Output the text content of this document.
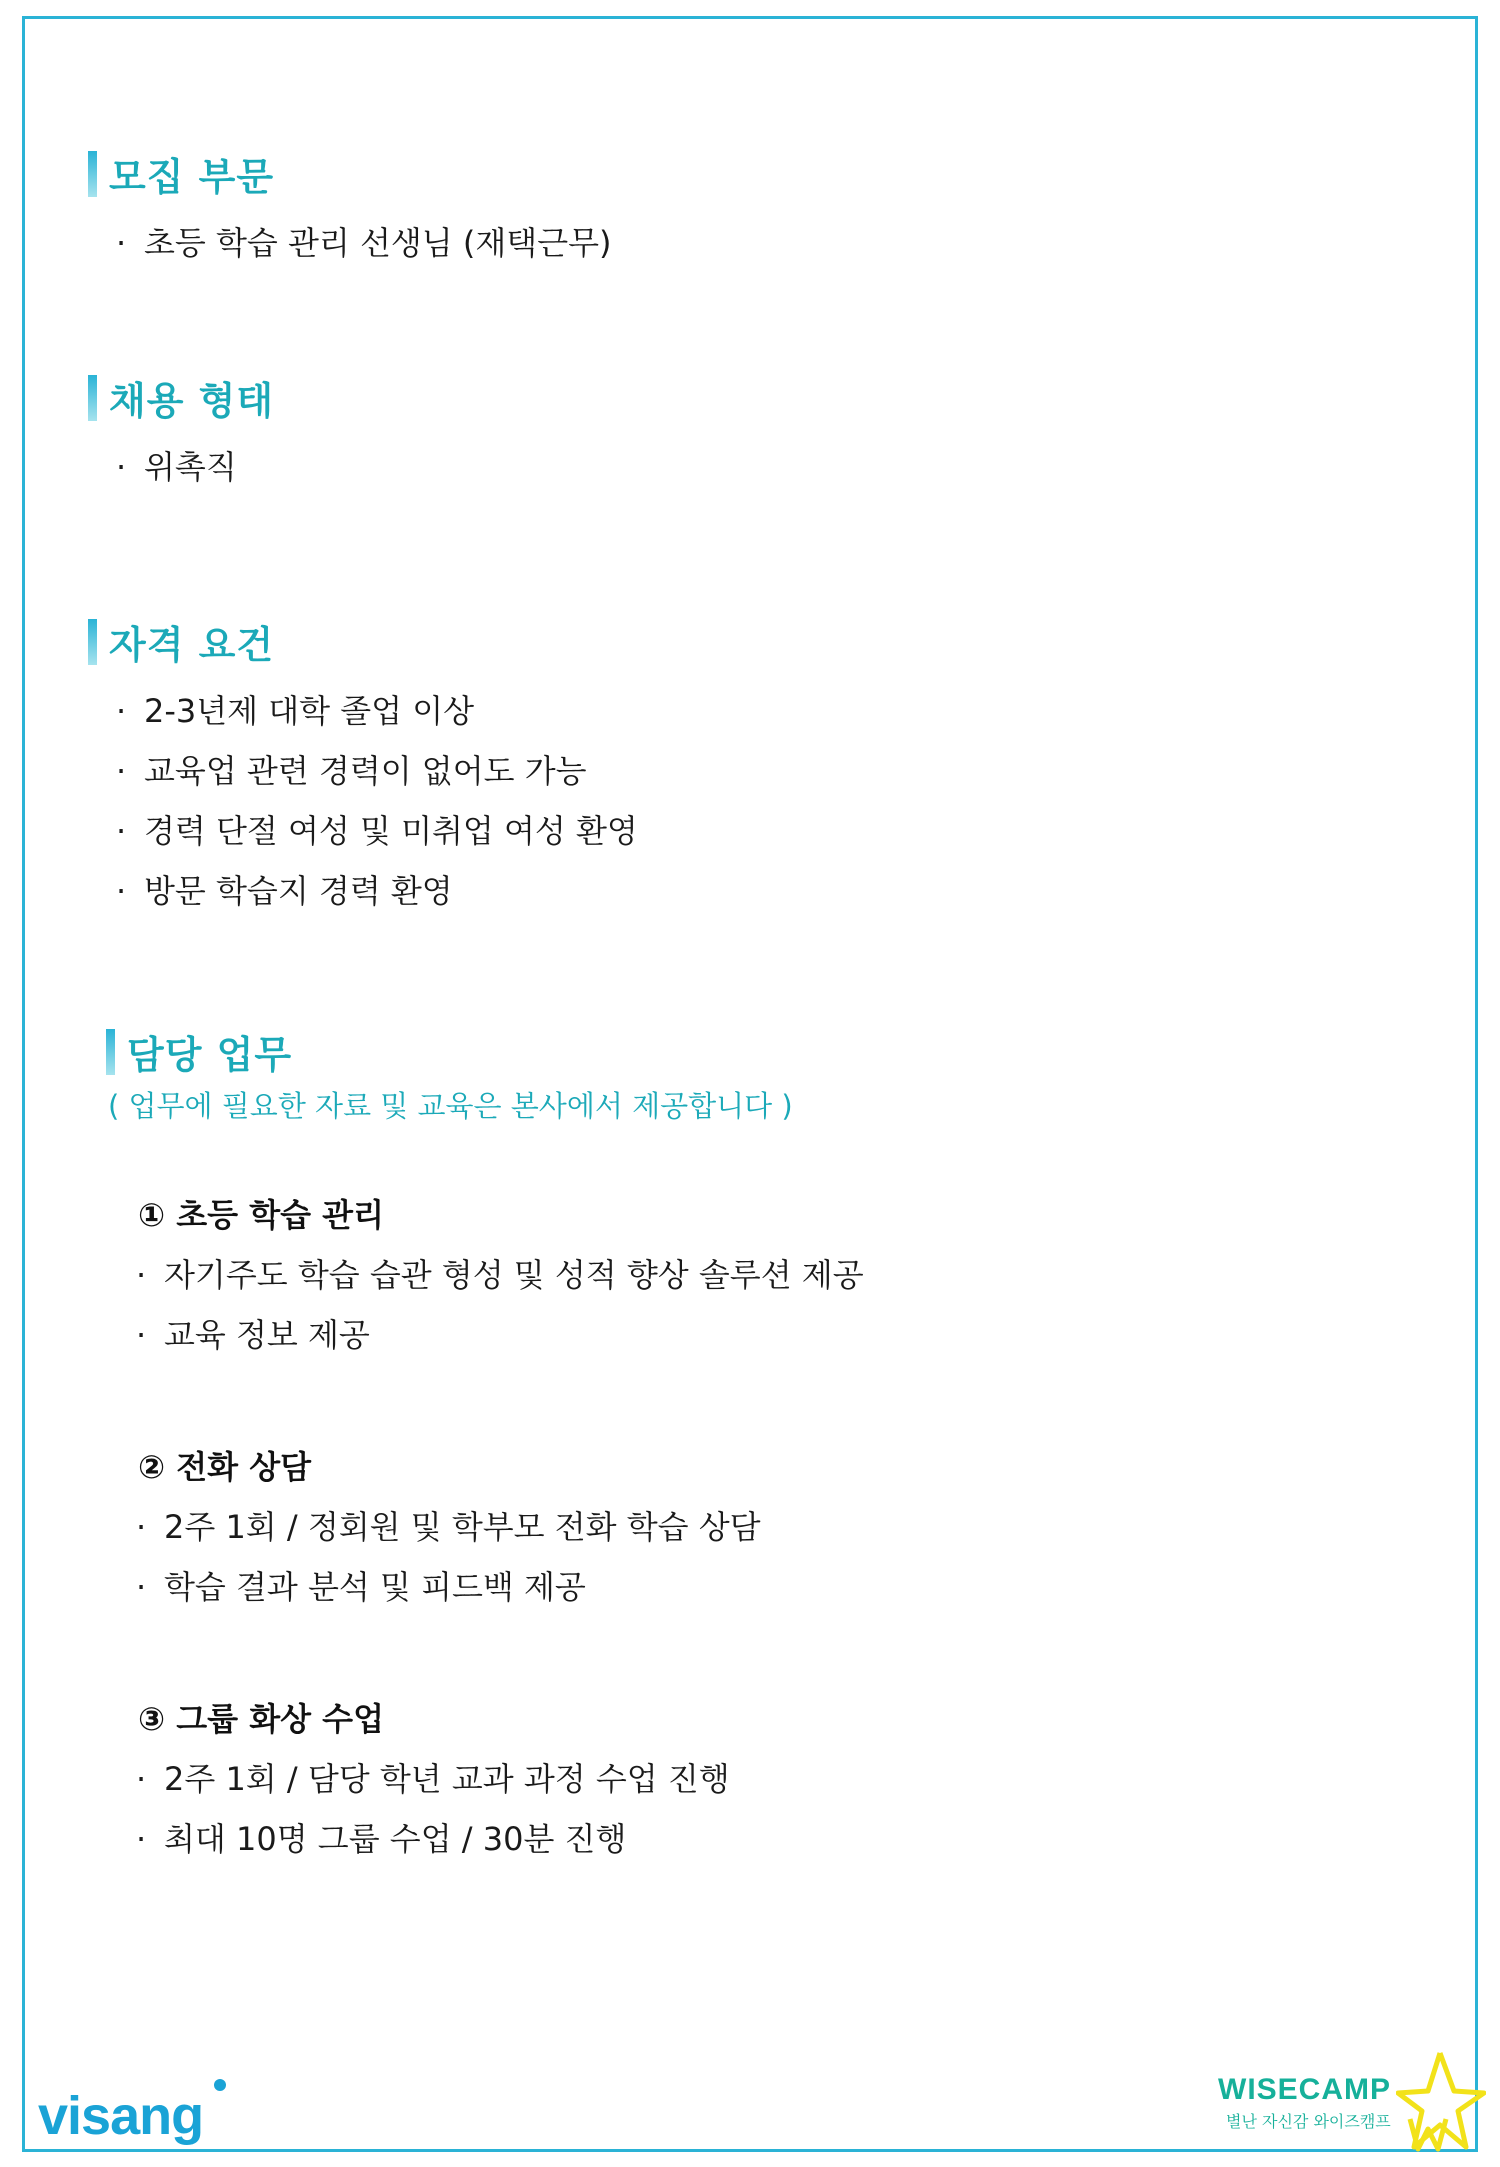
모집 부문
· 초등 학습 관리 선생님 (재택근무)
채용 형태
· 위촉직
자격 요건
· 2-3년제 대학 졸업 이상
· 교육업 관련 경력이 없어도 가능
· 경력 단절 여성 및 미취업 여성 환영
· 방문 학습지 경력 환영
담당 업무
( 업무에 필요한 자료 및 교육은 본사에서 제공합니다 )
① 초등 학습 관리
· 자기주도 학습 습관 형성 및 성적 향상 솔루션 제공
· 교육 정보 제공
② 전화 상담
· 2주 1회 / 정회원 및 학부모 전화 학습 상담
· 학습 결과 분석 및 피드백 제공
③ 그룹 화상 수업
· 2주 1회 / 담당 학년 교과 과정 수업 진행
· 최대 10명 그룹 수업 / 30분 진행
visang	WISECAMP
별난 자신감 와이즈캠프
